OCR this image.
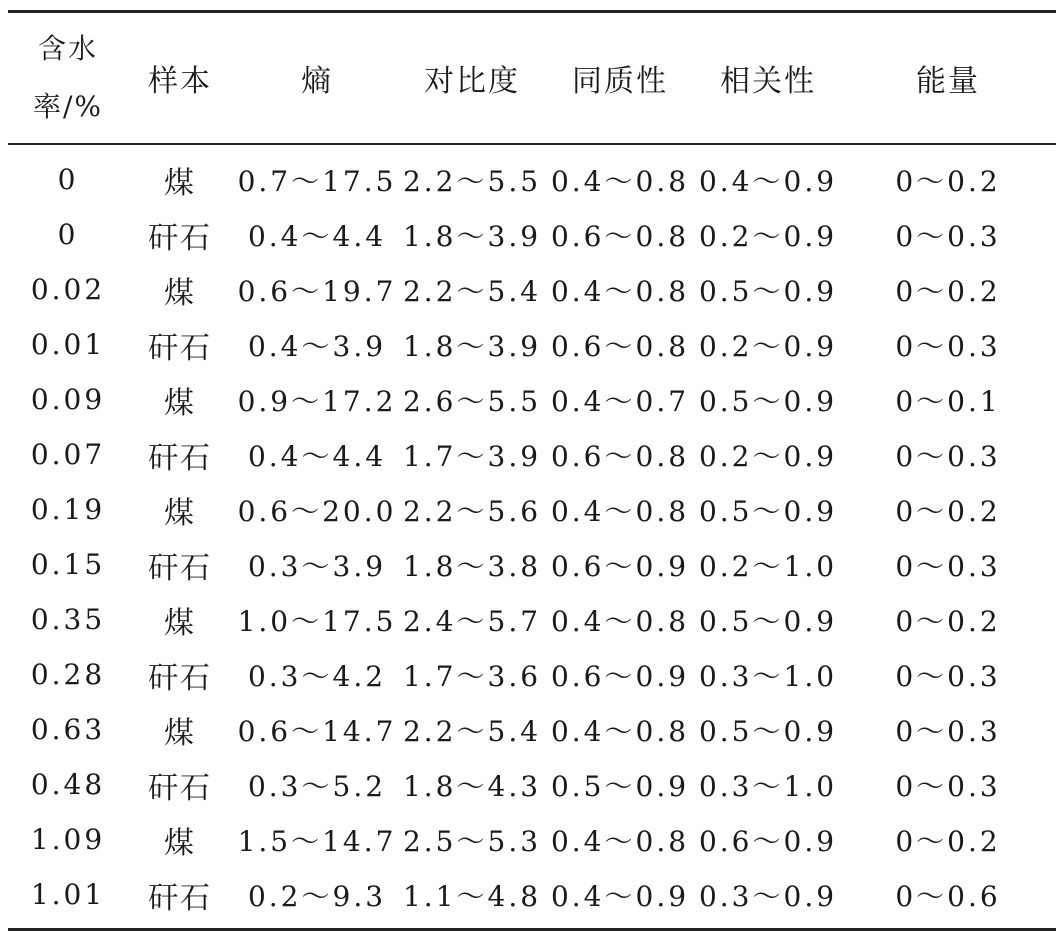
含水
率/%
样本	熵	对比度	同质性	相关性	能量
0	煤	0.7～17.5 2.2～5.5 0.4～0.8 0.4～0.9	0～0.2
0	矸石	0.4～4.4 1.8～3.9 0.6～0.8 0.2～0.9	0～0.3
0.02	煤	0.6～19.7 2.2～5.4 0.4～0.8 0.5～0.9	0～0.2
0.01	矸石	0.4～3.9 1.8～3.9 0.6～0.8 0.2～0.9	0～0.3
0.09	煤	0.9～17.2 2.6～5.5 0.4～0.7 0.5～0.9	0～0.1
0.07	矸石	0.4～4.4 1.7～3.9 0.6～0.8 0.2～0.9	0～0.3
0.19	煤	0.6～20.0 2.2～5.6 0.4～0.8 0.5～0.9	0～0.2
0.15	矸石	0.3～3.9 1.8～3.8 0.6～0.9 0.2～1.0	0～0.3
0.35	煤	1.0～17.5 2.4～5.7 0.4～0.8 0.5～0.9	0～0.2
0.28	矸石	0.3～4.2 1.7～3.6 0.6～0.9 0.3～1.0	0～0.3
0.63	煤	0.6～14.7 2.2～5.4 0.4～0.8 0.5～0.9	0～0.3
0.48	矸石	0.3～5.2 1.8～4.3 0.5～0.9 0.3～1.0	0～0.3
1.09	煤	1.5～14.7 2.5～5.3 0.4～0.8 0.6～0.9	0～0.2
1.01	矸石	0.2～9.3 1.1～4.8 0.4～0.9 0.3～0.9	0～0.6
